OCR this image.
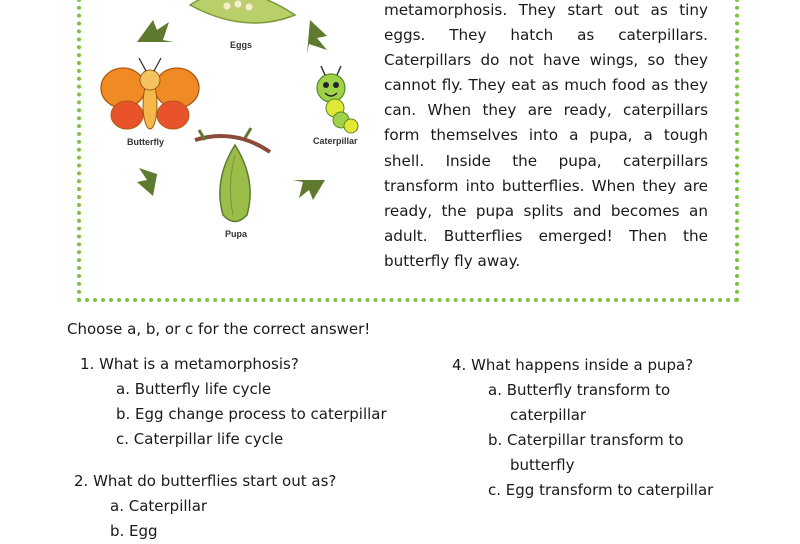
Eggs
Caterpillar
Pupa
Butterfly

metamorphosis. They start out as tiny eggs. They hatch as caterpillars. Caterpillars do not have wings, so they cannot fly. They eat as much food as they can. When they are ready, caterpillars form themselves into a pupa, a tough shell. Inside the pupa, caterpillars transform into butterflies. When they are ready, the pupa splits and becomes an adult. Butterflies emerged! Then the butterfly fly away.

Choose a, b, or c for the correct answer!
1. What is a metamorphosis?
a. Butterfly life cycle
b. Egg change process to caterpillar
c. Caterpillar life cycle
2. What do butterflies start out as?
a. Caterpillar
b. Egg
4. What happens inside a pupa?
a. Butterfly transform to
caterpillar
b. Caterpillar transform to
butterfly
c. Egg transform to caterpillar
